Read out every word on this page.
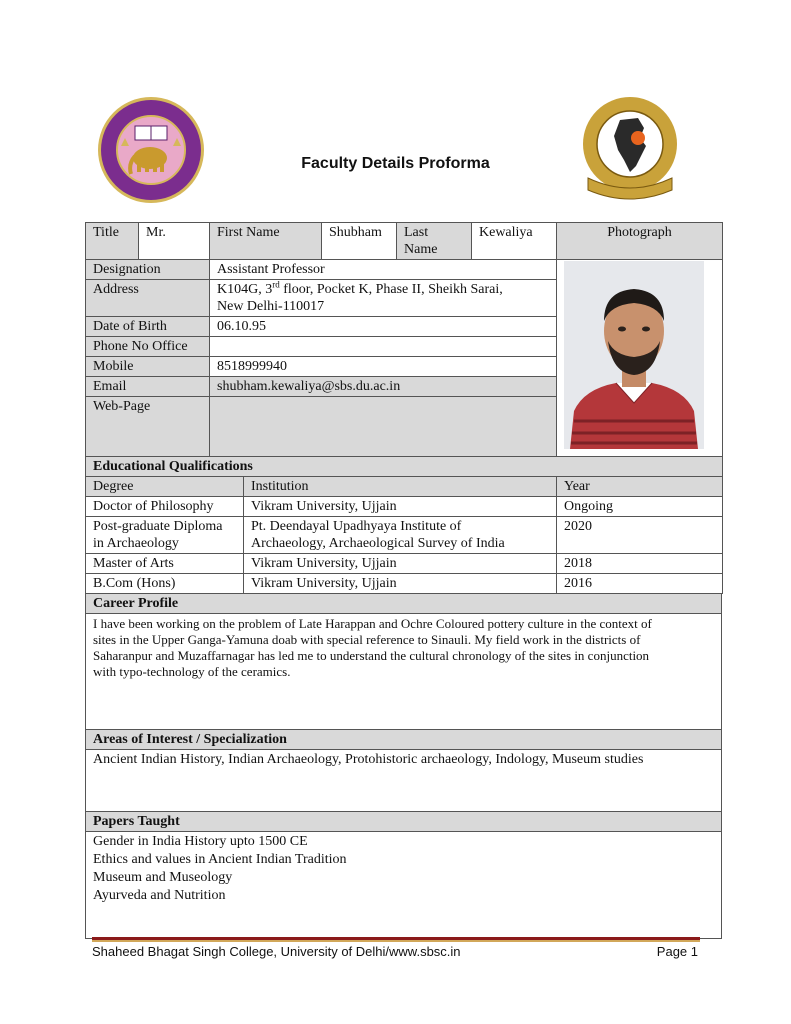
Faculty Details Proforma
Title	Mr.	First Name	Shubham	Last Name	Kewaliya	Photograph
Designation		Assistant Professor	
Address		K104G, 3rd floor, Pocket K, Phase II, Sheikh Sarai,
New Delhi-110017				
Date of Birth		06.10.95				
Phone No Office						
Mobile		8518999940				
Email		shubham.kewaliya@sbs.du.ac.in				
Web-Page						
Educational Qualifications		
Degree	Institution	Year
Doctor of Philosophy	Vikram University, Ujjain	Ongoing
Post-graduate Diploma
in Archaeology	Pt. Deendayal Upadhyaya Institute of
Archaeology, Archaeological Survey of India	2020
Master of Arts	Vikram University, Ujjain	2018
B.Com (Hons)	Vikram University, Ujjain	2016
Career Profile
I have been working on the problem of Late Harappan and Ochre Coloured pottery culture in the context of
sites in the Upper Ganga-Yamuna doab with special reference to Sinauli. My field work in the districts of
Saharanpur and Muzaffarnagar has led me to understand the cultural chronology of the sites in conjunction
with typo-technology of the ceramics.
Areas of Interest / Specialization
Ancient Indian History, Indian Archaeology, Protohistoric archaeology, Indology, Museum studies
Papers Taught
Gender in India History upto 1500 CE
Ethics and values in Ancient Indian Tradition
Museum and Museology
Ayurveda and Nutrition
Shaheed Bhagat Singh College, University of Delhi/www.sbsc.in	Page 1
